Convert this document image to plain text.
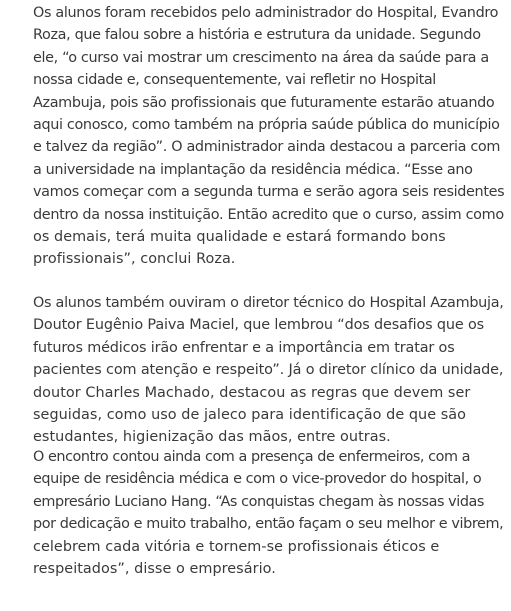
Os alunos foram recebidos pelo administrador do Hospital, Evandro
Roza, que falou sobre a história e estrutura da unidade. Segundo
ele, “o curso vai mostrar um crescimento na área da saúde para a
nossa cidade e, consequentemente, vai refletir no Hospital
Azambuja, pois são profissionais que futuramente estarão atuando
aqui conosco, como também na própria saúde pública do município
e talvez da região”. O administrador ainda destacou a parceria com
a universidade na implantação da residência médica. “Esse ano
vamos começar com a segunda turma e serão agora seis residentes
dentro da nossa instituição. Então acredito que o curso, assim como
os demais, terá muita qualidade e estará formando bons
profissionais”, conclui Roza.

Os alunos também ouviram o diretor técnico do Hospital Azambuja,
Doutor Eugênio Paiva Maciel, que lembrou “dos desafios que os
futuros médicos irão enfrentar e a importância em tratar os
pacientes com atenção e respeito”. Já o diretor clínico da unidade,
doutor Charles Machado, destacou as regras que devem ser
seguidas, como uso de jaleco para identificação de que são
estudantes, higienização das mãos, entre outras.

O encontro contou ainda com a presença de enfermeiros, com a
equipe de residência médica e com o vice-provedor do hospital, o
empresário Luciano Hang. “As conquistas chegam às nossas vidas
por dedicação e muito trabalho, então façam o seu melhor e vibrem,
celebrem cada vitória e tornem-se profissionais éticos e
respeitados”, disse o empresário.
